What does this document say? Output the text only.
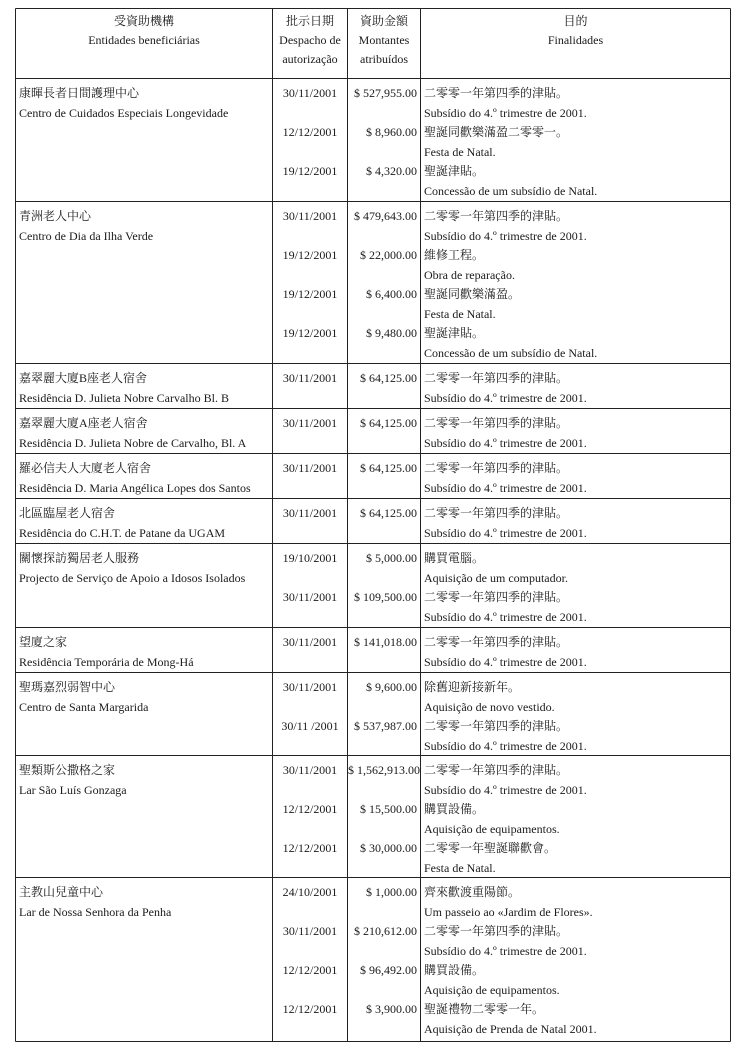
受資助機構
Entidades beneficiárias
批示日期
Despacho de
autorização
資助金額
Montantes
atribuídos
目的
Finalidades
康暉長者日間護理中心
Centro de Cuidados Especiais Longevidade
30/11/2001	$ 527,955.00 二零零一年第四季的津貼。
Subsídio do 4.º trimestre de 2001.
12/12/2001	$ 8,960.00 聖誕同歡樂滿盈二零零一。
Festa de Natal.
19/12/2001	$ 4,320.00 聖誕津貼。
Concessão de um subsídio de Natal.
青洲老人中心
Centro de Dia da Ilha Verde
30/11/2001	$ 479,643.00 二零零一年第四季的津貼。
Subsídio do 4.º trimestre de 2001.
19/12/2001	$ 22,000.00 維修工程。
Obra de reparação.
19/12/2001	$ 6,400.00 聖誕同歡樂滿盈。
Festa de Natal.
19/12/2001	$ 9,480.00 聖誕津貼。
Concessão de um subsídio de Natal.
嘉翠麗大廈B座老人宿舍
Residência D. Julieta Nobre Carvalho Bl. B
30/11/2001	$ 64,125.00 二零零一年第四季的津貼。
Subsídio do 4.º trimestre de 2001.
嘉翠麗大廈A座老人宿舍
Residência D. Julieta Nobre de Carvalho, Bl. A
30/11/2001	$ 64,125.00 二零零一年第四季的津貼。
Subsídio do 4.º trimestre de 2001.
羅必信夫人大廈老人宿舍
Residência D. Maria Angélica Lopes dos Santos
30/11/2001	$ 64,125.00 二零零一年第四季的津貼。
Subsídio do 4.º trimestre de 2001.
北區臨屋老人宿舍
Residência do C.H.T. de Patane da UGAM
30/11/2001	$ 64,125.00 二零零一年第四季的津貼。
Subsídio do 4.º trimestre de 2001.
關懷探訪獨居老人服務
Projecto de Serviço de Apoio a Idosos Isolados
19/10/2001	$ 5,000.00 購買電腦。
Aquisição de um computador.
30/11/2001	$ 109,500.00 二零零一年第四季的津貼。
Subsídio do 4.º trimestre de 2001.
望廈之家
Residência Temporária de Mong-Há
30/11/2001	$ 141,018.00 二零零一年第四季的津貼。
Subsídio do 4.º trimestre de 2001.
聖瑪嘉烈弱智中心
Centro de Santa Margarida
30/11/2001	$ 9,600.00 除舊迎新接新年。
Aquisição de novo vestido.
30/11 /2001	$ 537,987.00 二零零一年第四季的津貼。
Subsídio do 4.º trimestre de 2001.
聖類斯公撒格之家
Lar São Luís Gonzaga
30/11/2001 $ 1,562,913.00 二零零一年第四季的津貼。
Subsídio do 4.º trimestre de 2001.
12/12/2001	$ 15,500.00 購買設備。
Aquisição de equipamentos.
12/12/2001	$ 30,000.00 二零零一年聖誕聯歡會。
Festa de Natal.
主教山兒童中心
Lar de Nossa Senhora da Penha
24/10/2001	$ 1,000.00 齊來歡渡重陽節。
Um passeio ao «Jardim de Flores».
30/11/2001	$ 210,612.00 二零零一年第四季的津貼。
Subsídio do 4.º trimestre de 2001.
12/12/2001	$ 96,492.00 購買設備。
Aquisição de equipamentos.
12/12/2001	$ 3,900.00 聖誕禮物二零零一年。
Aquisição de Prenda de Natal 2001.
